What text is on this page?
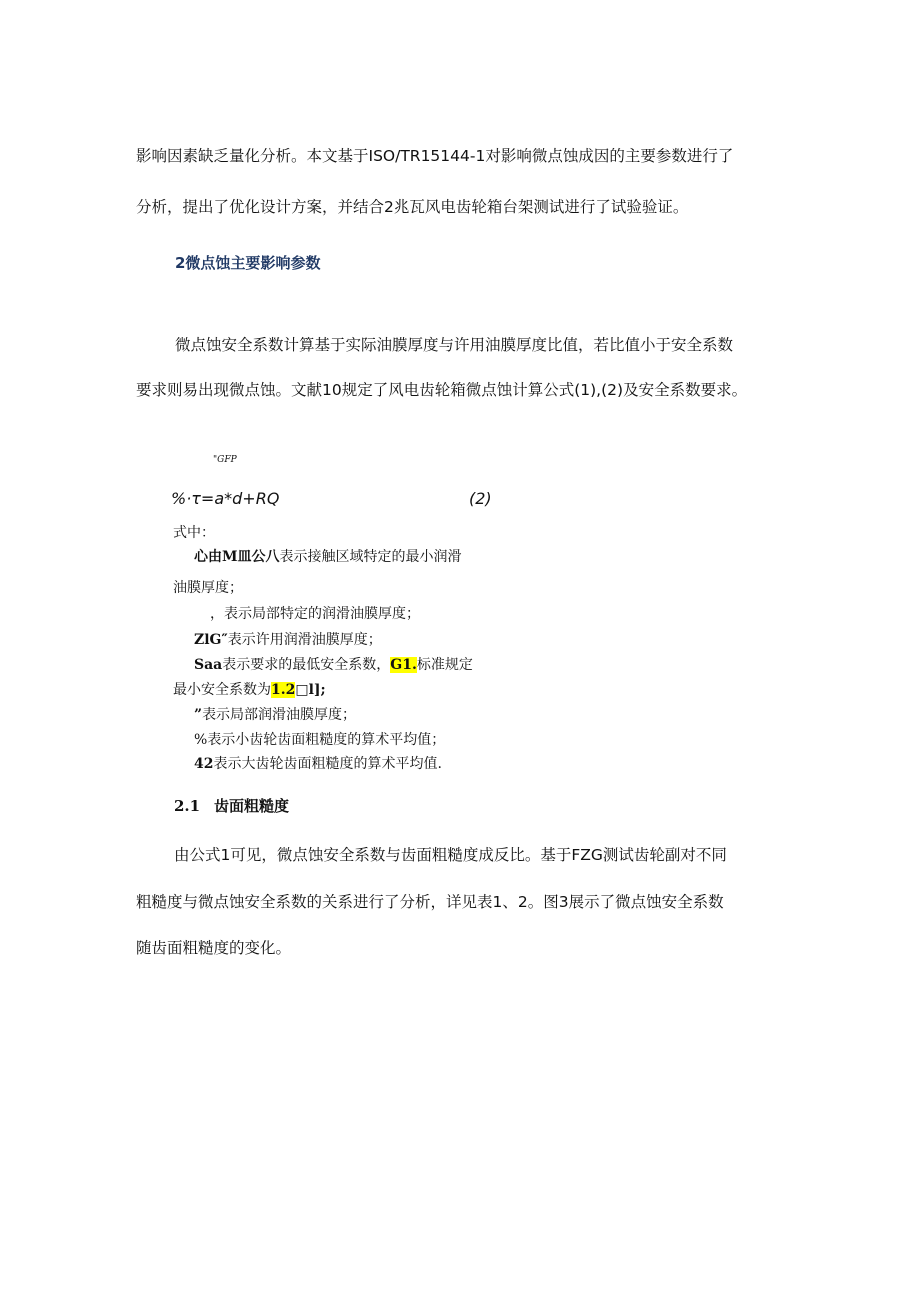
影响因素缺乏量化分析。本文基于ISO/TR15144-1对影响微点蚀成因的主要参数进行了
分析，提出了优化设计方案，并结合2兆瓦风电齿轮箱台架测试进行了试验验证。
2微点蚀主要影响参数
微点蚀安全系数计算基于实际油膜厚度与许用油膜厚度比值，若比值小于安全系数
要求则易出现微点蚀。文献10规定了风电齿轮箱微点蚀计算公式(1),(2)及安全系数要求。
"GFP
%·τ=a*d+RQ	(2)
式中：
心由M皿公八表示接触区域特定的最小润滑
油膜厚度；
，表示局部特定的润滑油膜厚度；
ZlG″表示许用润滑油膜厚度；
Saa表示要求的最低安全系数，G1.标准规定
最小安全系数为1.2□l];
”表示局部润滑油膜厚度；
%表示小齿轮齿面粗糙度的算术平均值；
42表示大齿轮齿面粗糙度的算术平均值.
2.1 齿面粗糙度
由公式1可见，微点蚀安全系数与齿面粗糙度成反比。基于FZG测试齿轮副对不同
粗糙度与微点蚀安全系数的关系进行了分析，详见表1、2。图3展示了微点蚀安全系数
随齿面粗糙度的变化。
